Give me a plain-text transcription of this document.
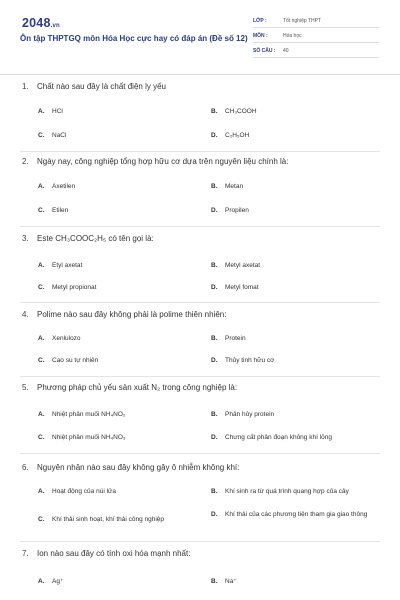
2048.vn
Ôn tập THPTGQ môn Hóa Học cực hay có đáp án (Đề số 12)
LỚP :	Tốt nghiệp THPT
MÔN :	Hóa học
SỐ CÂU : 40
1. Chất nào sau đây là chất điện ly yếu
A. HCl	B. CH₃COOH
C. NaCl	D. C₂H₅OH
2. Ngày nay, công nghiệp tổng hợp hữu cơ dựa trên nguyên liệu chính là:
A. Axetilen	B. Metan
C. Etilen	D. Propilen
3. Este CH₃COOC₂H₅ có tên gọi là:
A. Etyl axetat	B. Metyl axetat
C. Metyl propionat	D. Metyl fomat
4. Polime nào sau đây không phải là polime thiên nhiên:
A. Xenlulozo	B. Protein
C. Cao su tự nhiên	D. Thủy tinh hữu cơ
5. Phương pháp chủ yếu sản xuất N₂ trong công nghiệp là:
A. Nhiệt phân muối NH₄NO₂	B. Phân hủy protein
C. Nhiệt phân muối NH₄NO₃	D. Chưng cất phân đoạn không khí lỏng
6. Nguyên nhân nào sau đây không gây ô nhiễm không khí:
A. Hoạt động của núi lửa	B. Khí sinh ra từ quá trình quang hợp của cây
C. Khí thải sinh hoạt, khí thải công nghiệp
D. Khí thải của các phương tiện tham gia giao thông
7. Ion nào sau đây có tính oxi hóa mạnh nhất:
A. Ag⁺	B. Na⁺
